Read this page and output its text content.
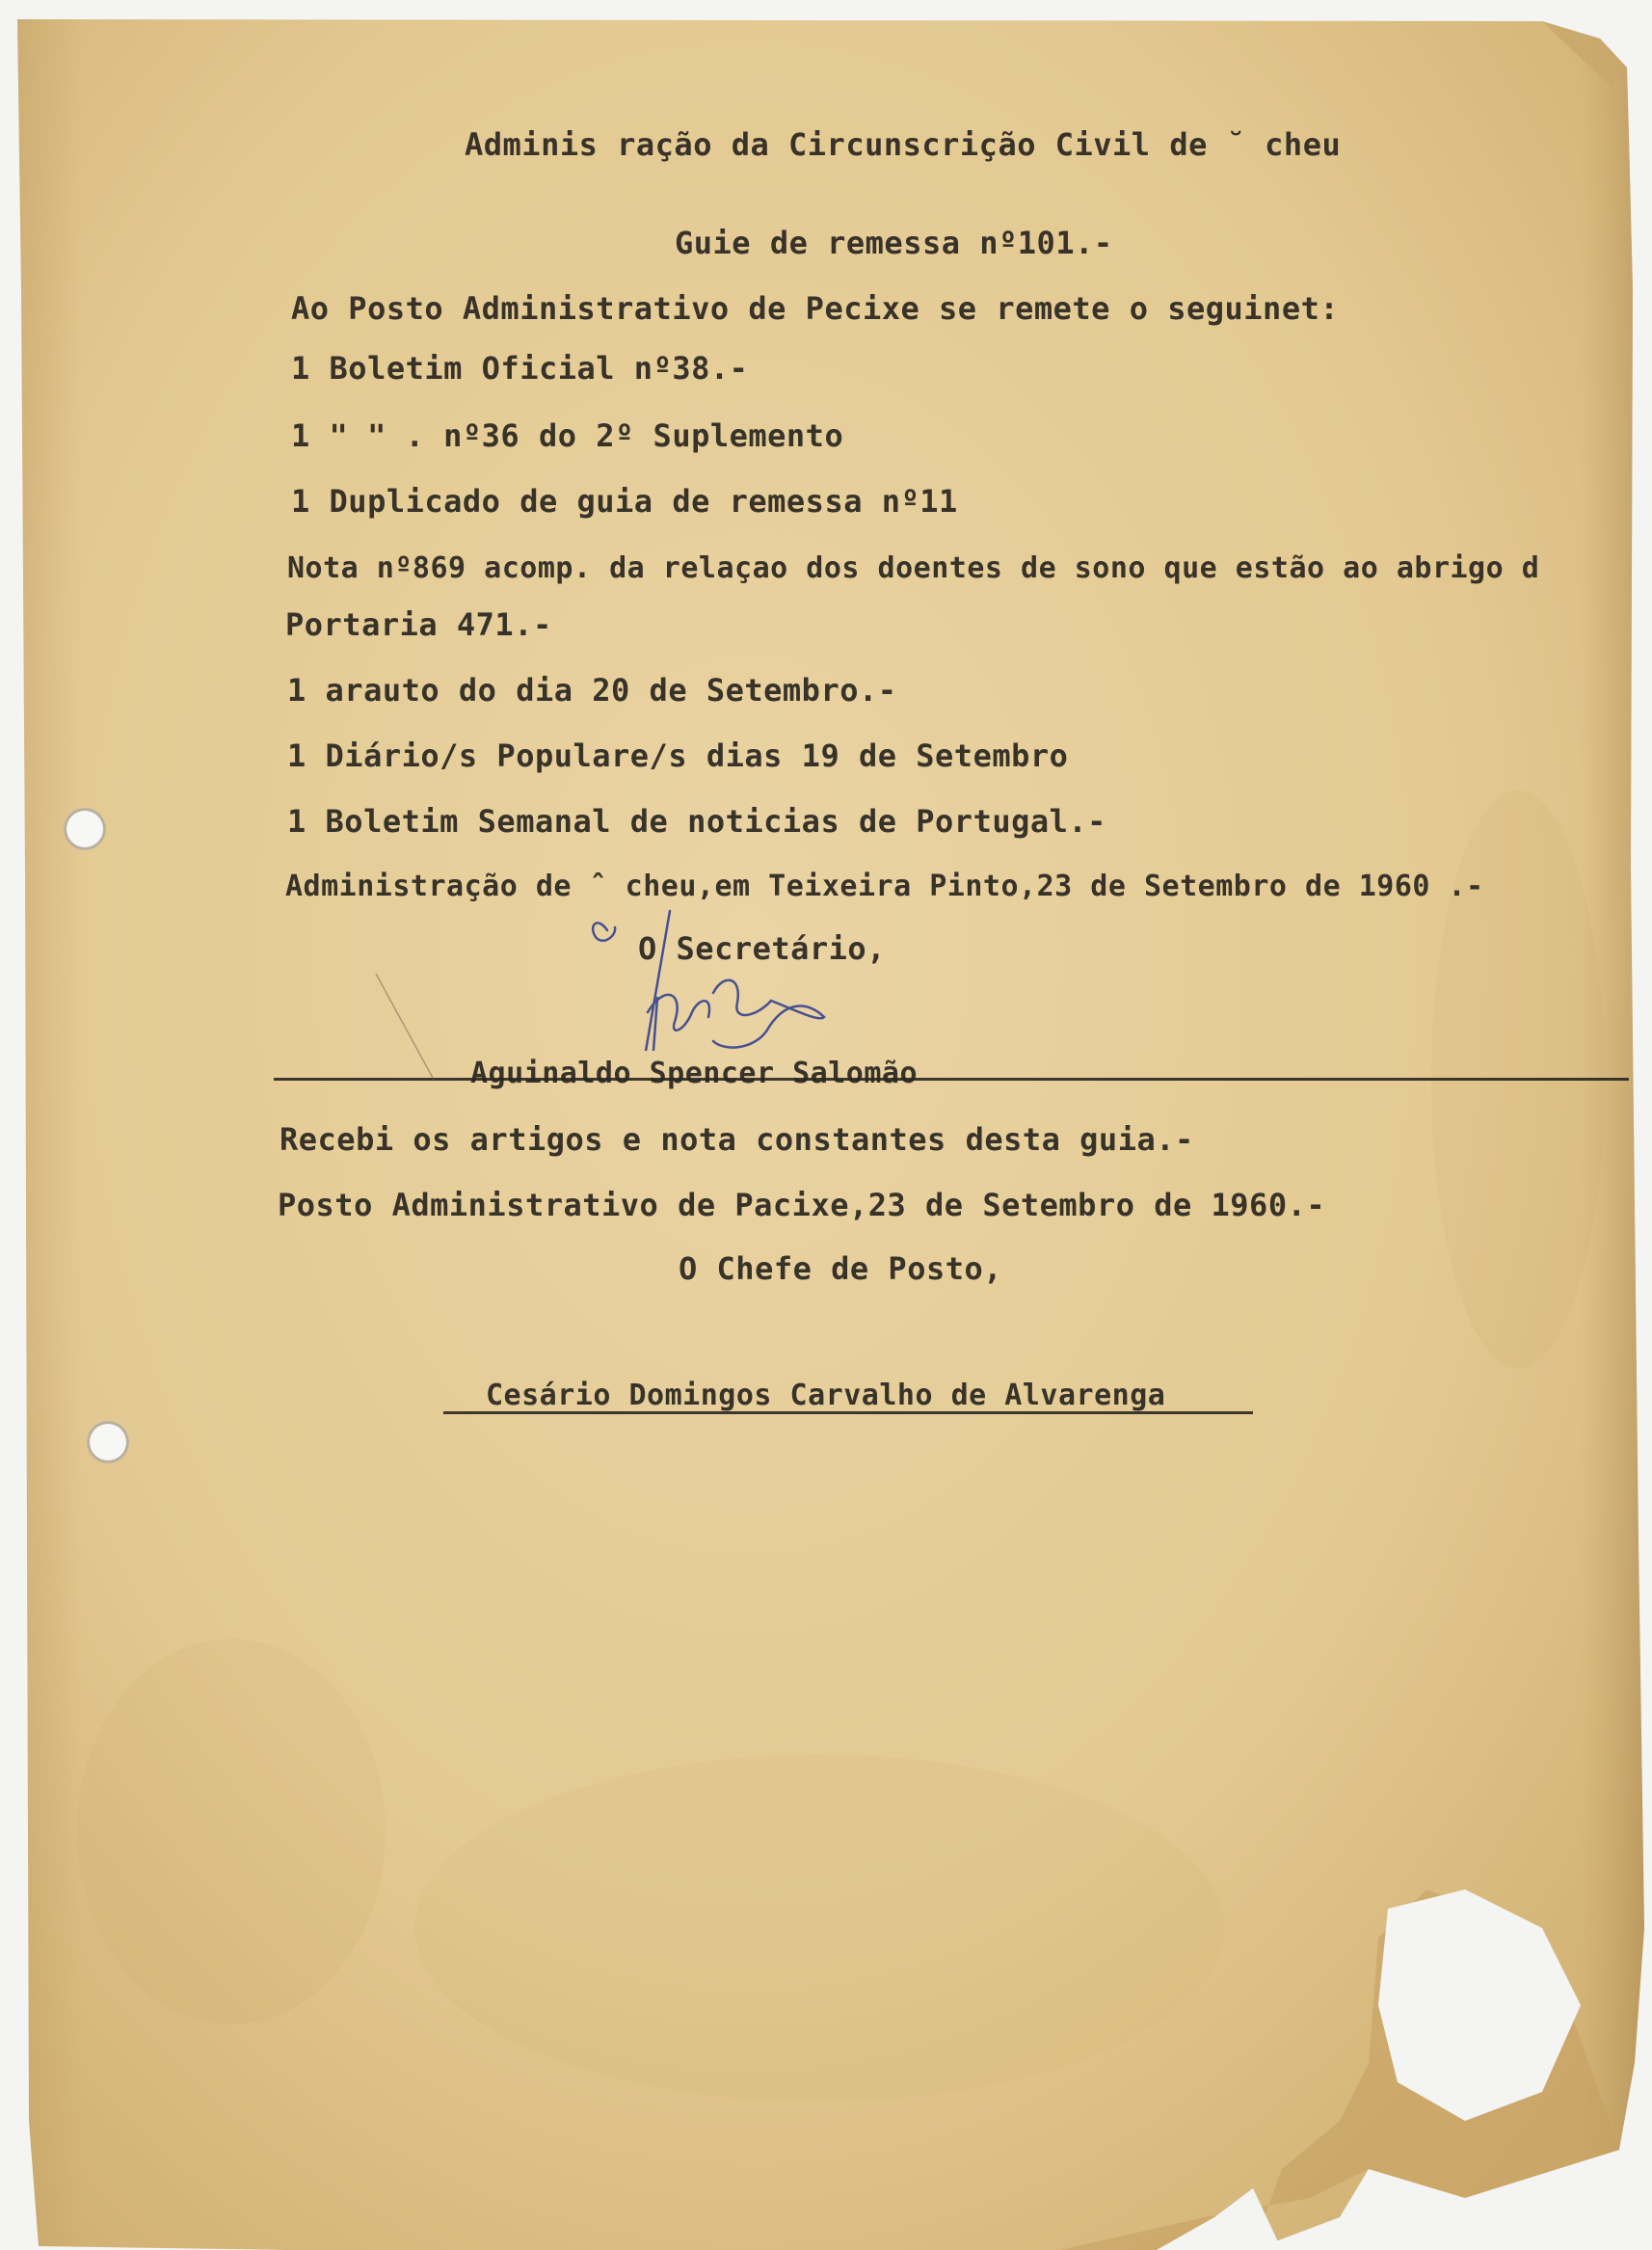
Adminis ração da Circunscrição Civil de ˘ cheu
Guie de remessa nº101.-
Ao Posto Administrativo de Pecixe se remete o seguinet:
1 Boletim Oficial nº38.-
1 " " . nº36 do 2º Suplemento
1 Duplicado de guia de remessa nº11
Nota nº869 acomp. da relaçao dos doentes de sono que estão ao abrigo d
Portaria 471.-
1 arauto do dia 20 de Setembro.-
1 Diário/s Populare/s dias 19 de Setembro
1 Boletim Semanal de noticias de Portugal.-
Administração de ˆ cheu,em Teixeira Pinto,23 de Setembro de 1960 .-
O Secretário,
Aguinaldo Spencer Salomão
Recebi os artigos e nota constantes desta guia.-
Posto Administrativo de Pacixe,23 de Setembro de 1960.-
O Chefe de Posto,
Cesário Domingos Carvalho de Alvarenga
